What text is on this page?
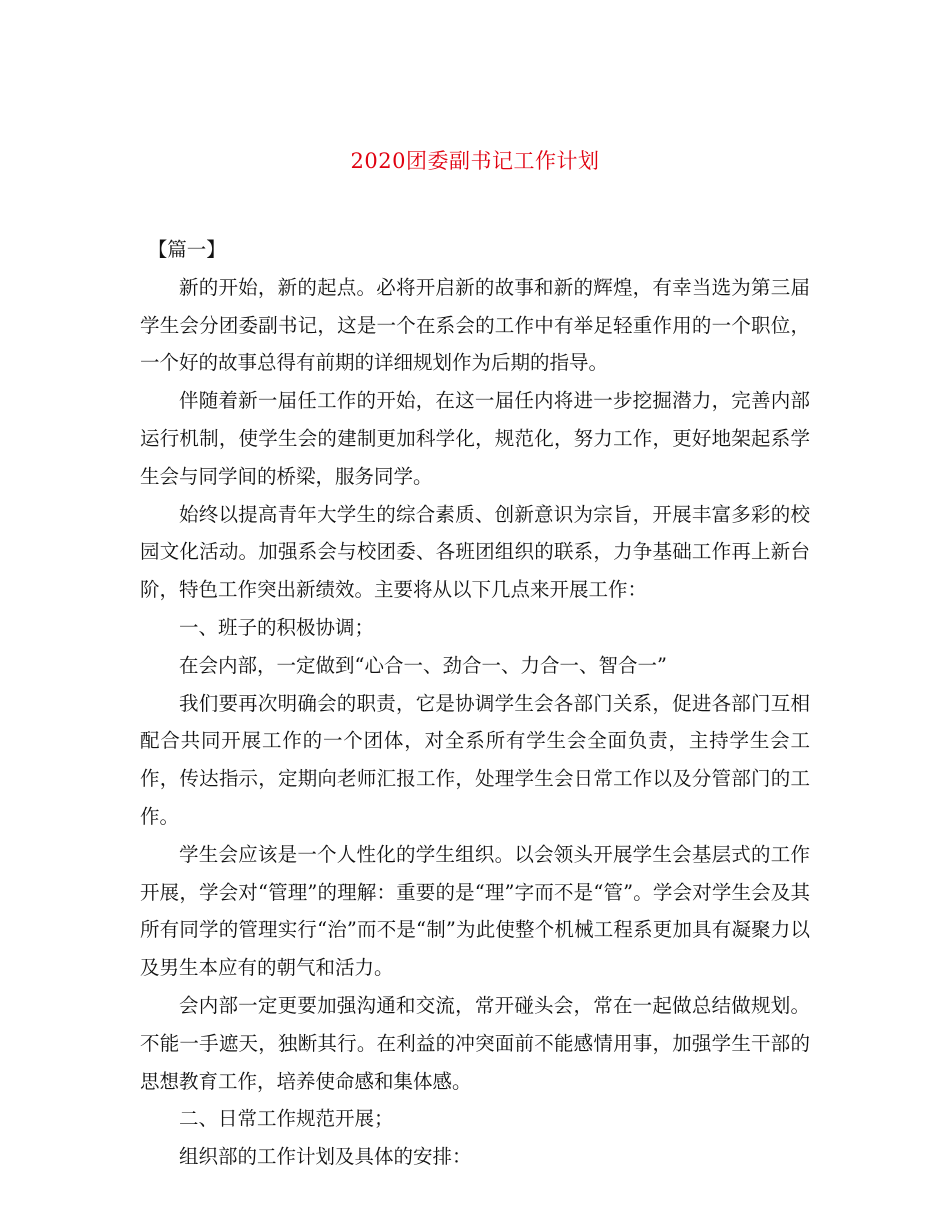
2020团委副书记工作计划

【篇一】

新的开始，新的起点。必将开启新的故事和新的辉煌，有幸当选为第三届学生会分团委副书记，这是一个在系会的工作中有举足轻重作用的一个职位，一个好的故事总得有前期的详细规划作为后期的指导。

伴随着新一届任工作的开始，在这一届任内将进一步挖掘潜力，完善内部运行机制，使学生会的建制更加科学化，规范化，努力工作，更好地架起系学生会与同学间的桥梁，服务同学。

始终以提高青年大学生的综合素质、创新意识为宗旨，开展丰富多彩的校园文化活动。加强系会与校团委、各班团组织的联系，力争基础工作再上新台阶，特色工作突出新绩效。主要将从以下几点来开展工作：

一、班子的积极协调；

在会内部，一定做到“心合一、劲合一、力合一、智合一”

我们要再次明确会的职责，它是协调学生会各部门关系，促进各部门互相配合共同开展工作的一个团体，对全系所有学生会全面负责，主持学生会工作，传达指示，定期向老师汇报工作，处理学生会日常工作以及分管部门的工作。

学生会应该是一个人性化的学生组织。以会领头开展学生会基层式的工作开展，学会对“管理”的理解：重要的是“理”字而不是“管”。学会对学生会及其所有同学的管理实行“治”而不是“制”为此使整个机械工程系更加具有凝聚力以及男生本应有的朝气和活力。

会内部一定更要加强沟通和交流，常开碰头会，常在一起做总结做规划。不能一手遮天，独断其行。在利益的冲突面前不能感情用事，加强学生干部的思想教育工作，培养使命感和集体感。

二、日常工作规范开展；

组织部的工作计划及具体的安排：
